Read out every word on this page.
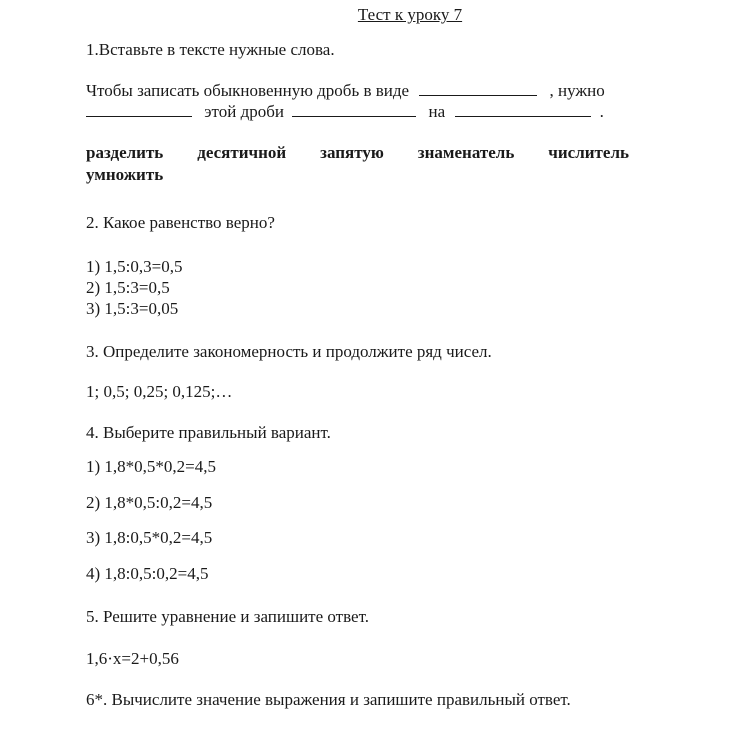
Тест к уроку 7
1.Вставьте в тексте нужные слова.
Чтобы записать обыкновенную дробь в виде	, нужно
этой дроби	на	.
разделить десятичной запятую знаменатель числитель
умножить
2. Какое равенство верно?
1) 1,5:0,3=0,5
2) 1,5:3=0,5
3) 1,5:3=0,05
3. Определите закономерность и продолжите ряд чисел.
1; 0,5; 0,25; 0,125;…
4. Выберите правильный вариант.
1) 1,8*0,5*0,2=4,5
2) 1,8*0,5:0,2=4,5
3) 1,8:0,5*0,2=4,5
4) 1,8:0,5:0,2=4,5
5. Решите уравнение и запишите ответ.
1,6·х=2+0,56
6*. Вычислите значение выражения и запишите правильный ответ.
